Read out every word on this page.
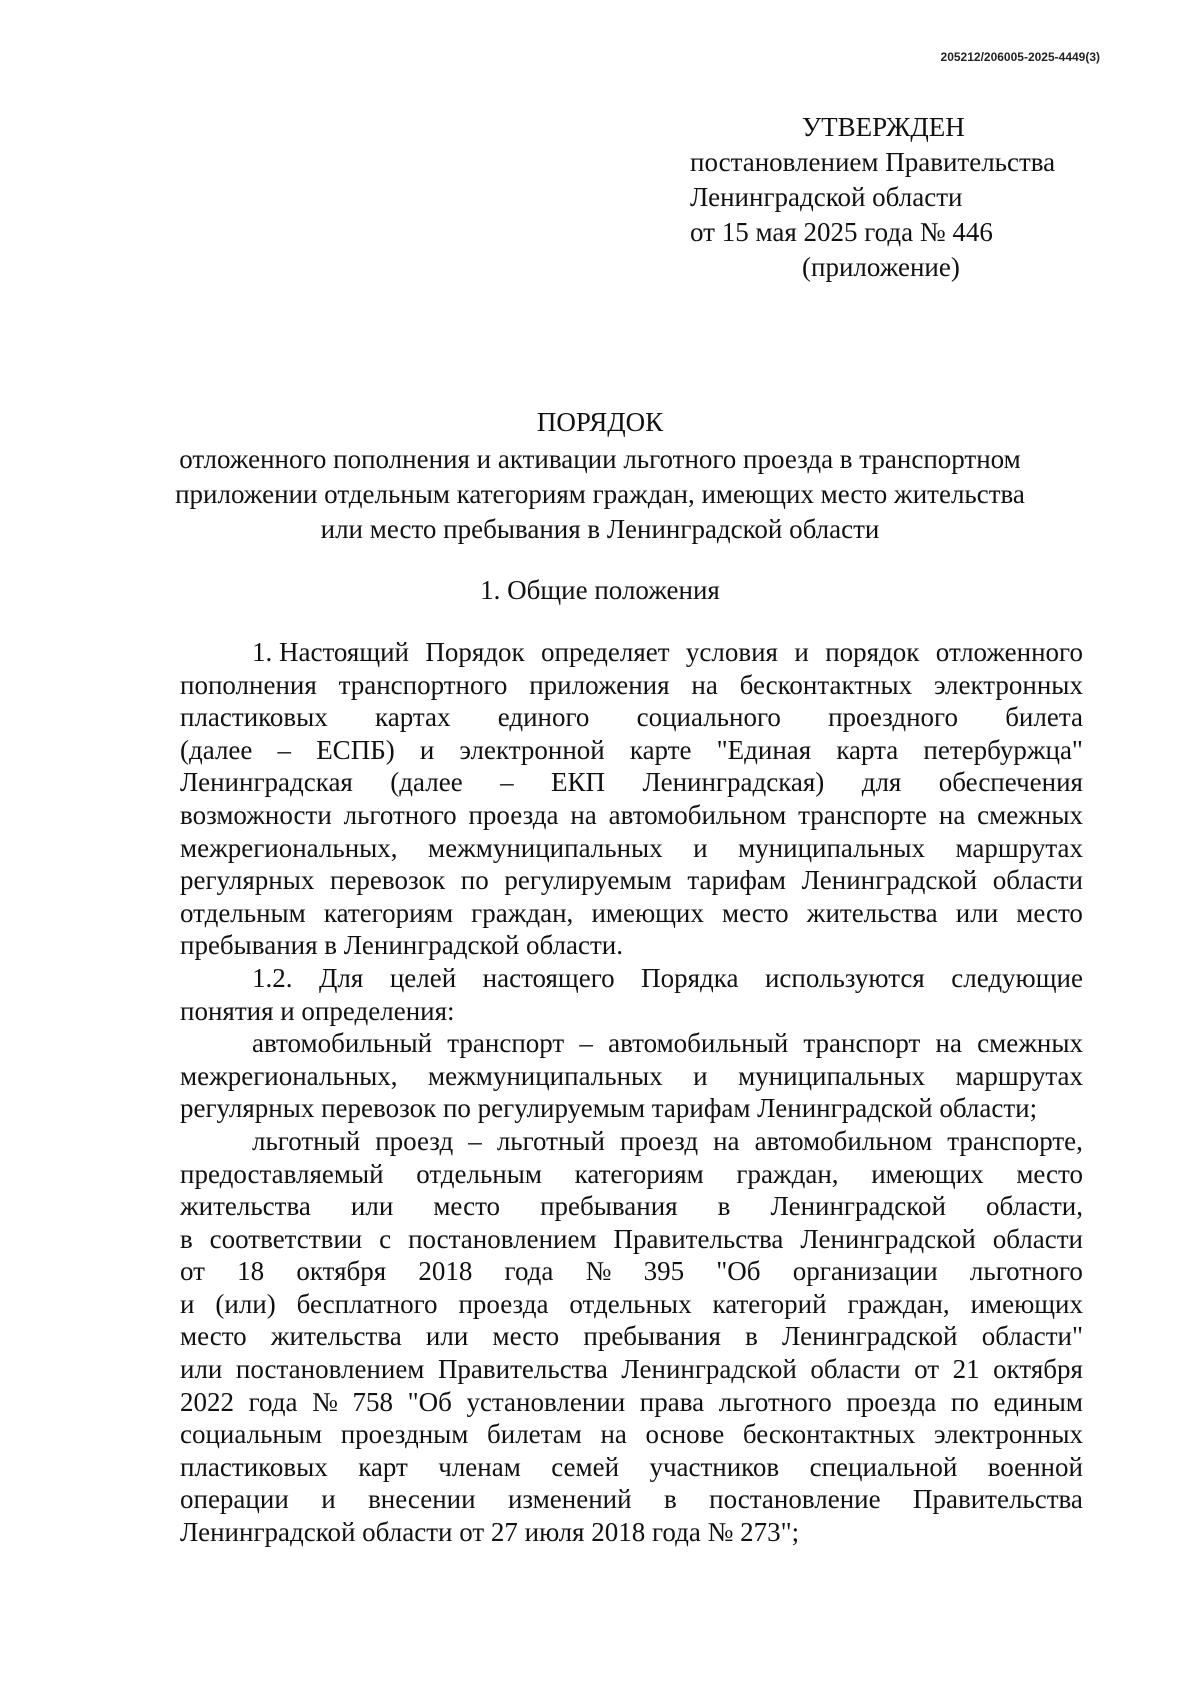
205212/206005-2025-4449(3)
УТВЕРЖДЕН
постановлением Правительства
Ленинградской области
от 15 мая 2025 года № 446
(приложение)
ПОРЯДОК
отложенного пополнения и активации льготного проезда в транспортном
приложении отдельным категориям граждан, имеющих место жительства
или место пребывания в Ленинградской области
1. Общие положения
1. Настоящий Порядок определяет условия и порядок отложенного
пополнения транспортного приложения на бесконтактных электронных
пластиковых картах единого социального проездного билета
(далее – ЕСПБ) и электронной карте "Единая карта петербуржца"
Ленинградская (далее – ЕКП Ленинградская) для обеспечения
возможности льготного проезда на автомобильном транспорте на смежных
межрегиональных, межмуниципальных и муниципальных маршрутах
регулярных перевозок по регулируемым тарифам Ленинградской области
отдельным категориям граждан, имеющих место жительства или место
пребывания в Ленинградской области.
1.2. Для целей настоящего Порядка используются следующие
понятия и определения:
автомобильный транспорт – автомобильный транспорт на смежных
межрегиональных, межмуниципальных и муниципальных маршрутах
регулярных перевозок по регулируемым тарифам Ленинградской области;
льготный проезд – льготный проезд на автомобильном транспорте,
предоставляемый отдельным категориям граждан, имеющих место
жительства или место пребывания в Ленинградской области,
в соответствии с постановлением Правительства Ленинградской области
от 18 октября 2018 года № 395 "Об организации льготного
и (или) бесплатного проезда отдельных категорий граждан, имеющих
место жительства или место пребывания в Ленинградской области"
или постановлением Правительства Ленинградской области от 21 октября
2022 года № 758 "Об установлении права льготного проезда по единым
социальным проездным билетам на основе бесконтактных электронных
пластиковых карт членам семей участников специальной военной
операции и внесении изменений в постановление Правительства
Ленинградской области от 27 июля 2018 года № 273";
